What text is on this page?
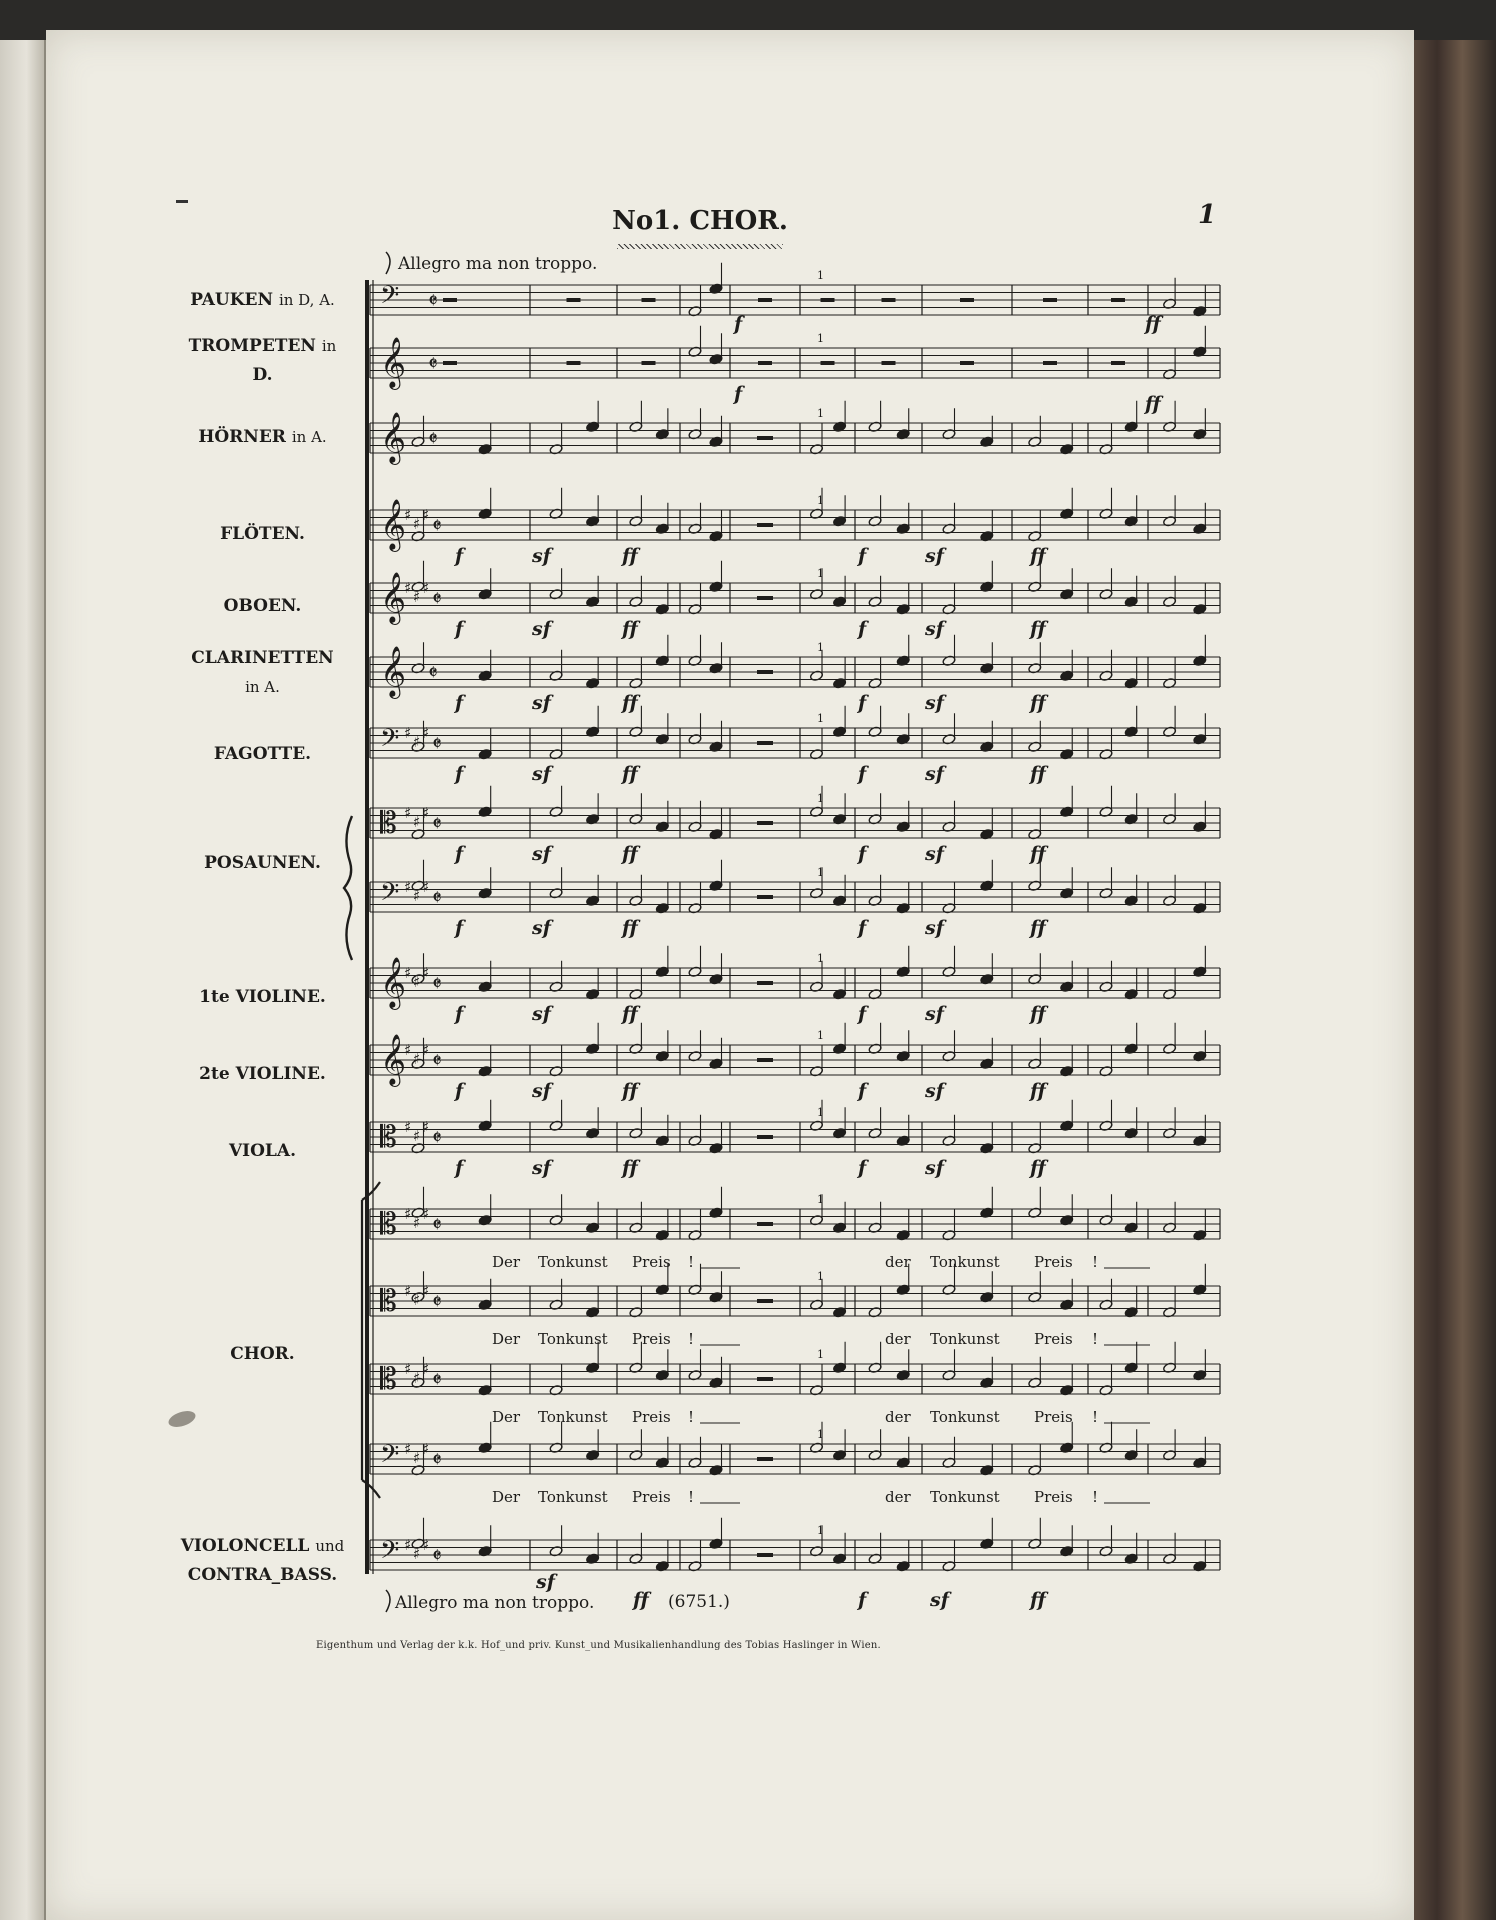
No1. CHOR.	1
Allegro ma non troppo.
Allegro ma non troppo.	(6751.)
Eigenthum und Verlag der k.k. Hof_und priv. Kunst_und Musikalienhandlung des Tobias Haslinger in Wien.
PAUKEN in D, A.
TROMPETEN in
D.
HÖRNER in A.
FLÖTEN.
OBOEN.
CLARINETTEN
in A.
FAGOTTE.
POSAUNEN.
1te VIOLINE.
2te VIOLINE.
VIOLA.
CHOR.
VIOLONCELL und
CONTRA_BASS.
𝄢 𝄵
𝄞 𝄵
𝄞 𝄵
𝄞
♯ ♯ ♯ 𝄵
𝄞
♯ ♯ ♯ 𝄵
𝄞 𝄵
𝄢 ♯ ♯ ♯ 𝄵
𝄡 ♯ ♯ ♯ 𝄵
𝄢 ♯ ♯ ♯ 𝄵
𝄞
♯ ♯ ♯ 𝄵
𝄞
♯ ♯ ♯ 𝄵
𝄡 ♯ ♯ ♯ 𝄵
𝄡 ♯ ♯ ♯ 𝄵
𝄡 ♯ ♯ ♯ 𝄵
𝄡 ♯ ♯ ♯ 𝄵
𝄢 ♯ ♯ ♯ 𝄵
𝄢 ♯ ♯ ♯ 𝄵
1
1
1
1
1
1
1
1
1
1
1
1
1
1
1
1
1
f	sf	ff	f	sf	ff
f	sf	ff	f	sf	ff
f	sf	ff	f	sf	ff
f	sf	ff	f	sf	ff
f	sf	ff	f	sf	ff
f	sf	ff	f	sf	ff
f	sf	ff	f	sf	ff
f	sf	ff	f	sf	ff
f	sf	ff	f	sf	ff
f	ff
f	ff
sf
ff	f	sf	ff
Der Tonkunst Preis !	der Tonkunst Preis !
Der Tonkunst Preis !	der Tonkunst Preis !
Der Tonkunst Preis !	der Tonkunst Preis !
Der Tonkunst Preis !	der Tonkunst Preis !
